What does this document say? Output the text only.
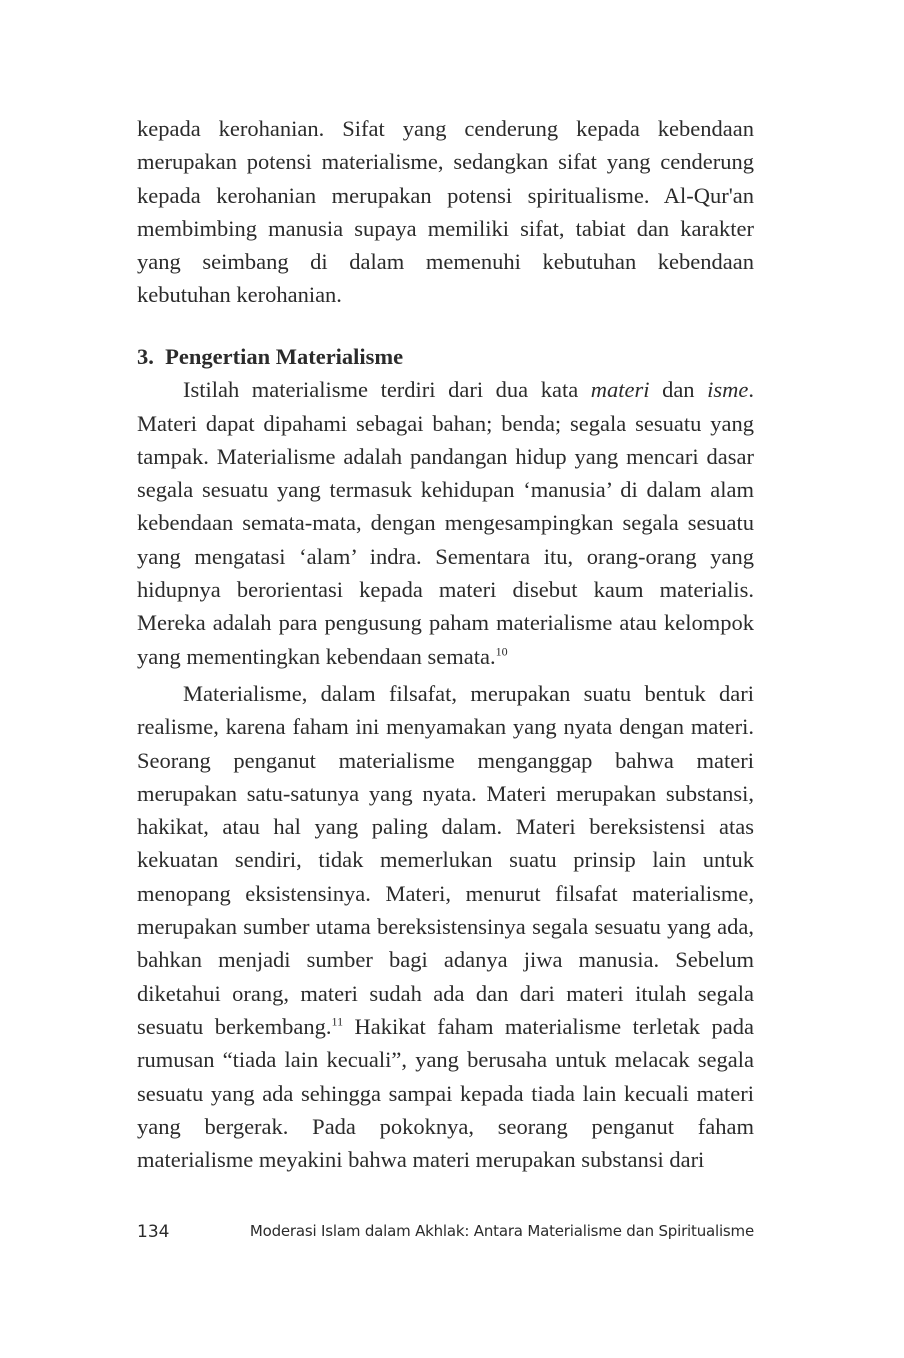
kepada kerohanian. Sifat yang cenderung kepada kebendaan merupakan potensi materialisme, sedangkan sifat yang cenderung kepada kerohanian merupakan potensi spiritualisme. Al-Qur'an membimbing manusia supaya memiliki sifat, tabiat dan karakter yang seimbang di dalam memenuhi kebutuhan kebendaan kebutuhan kerohanian.

3. Pengertian Materialisme

Istilah materialisme terdiri dari dua kata materi dan isme. Materi dapat dipahami sebagai bahan; benda; segala sesuatu yang tampak. Materialisme adalah pandangan hidup yang mencari dasar segala sesuatu yang termasuk kehidupan ‘manusia’ di dalam alam kebendaan semata-mata, dengan mengesampingkan segala sesuatu yang mengatasi ‘alam’ indra. Sementara itu, orang-orang yang hidupnya berorientasi kepada materi disebut kaum materialis. Mereka adalah para pengusung paham materialisme atau kelompok yang mementingkan kebendaan semata.$^{10}$

Materialisme, dalam filsafat, merupakan suatu bentuk dari realisme, karena faham ini menyamakan yang nyata dengan materi. Seorang penganut materialisme menganggap bahwa materi merupakan satu-satunya yang nyata. Materi merupakan substansi, hakikat, atau hal yang paling dalam. Materi bereksistensi atas kekuatan sendiri, tidak memerlukan suatu prinsip lain untuk menopang eksistensinya. Materi, menurut filsafat materialisme, merupakan sumber utama bereksistensinya segala sesuatu yang ada, bahkan menjadi sumber bagi adanya jiwa manusia. Sebelum diketahui orang, materi sudah ada dan dari materi itulah segala sesuatu berkembang.$^{11}$ Hakikat faham materialisme terletak pada rumusan “tiada lain kecuali”, yang berusaha untuk melacak segala sesuatu yang ada sehingga sampai kepada tiada lain kecuali materi yang bergerak. Pada pokoknya, seorang penganut faham materialisme meyakini bahwa materi merupakan substansi dari

134	Moderasi Islam dalam Akhlak: Antara Materialisme dan Spiritualisme
